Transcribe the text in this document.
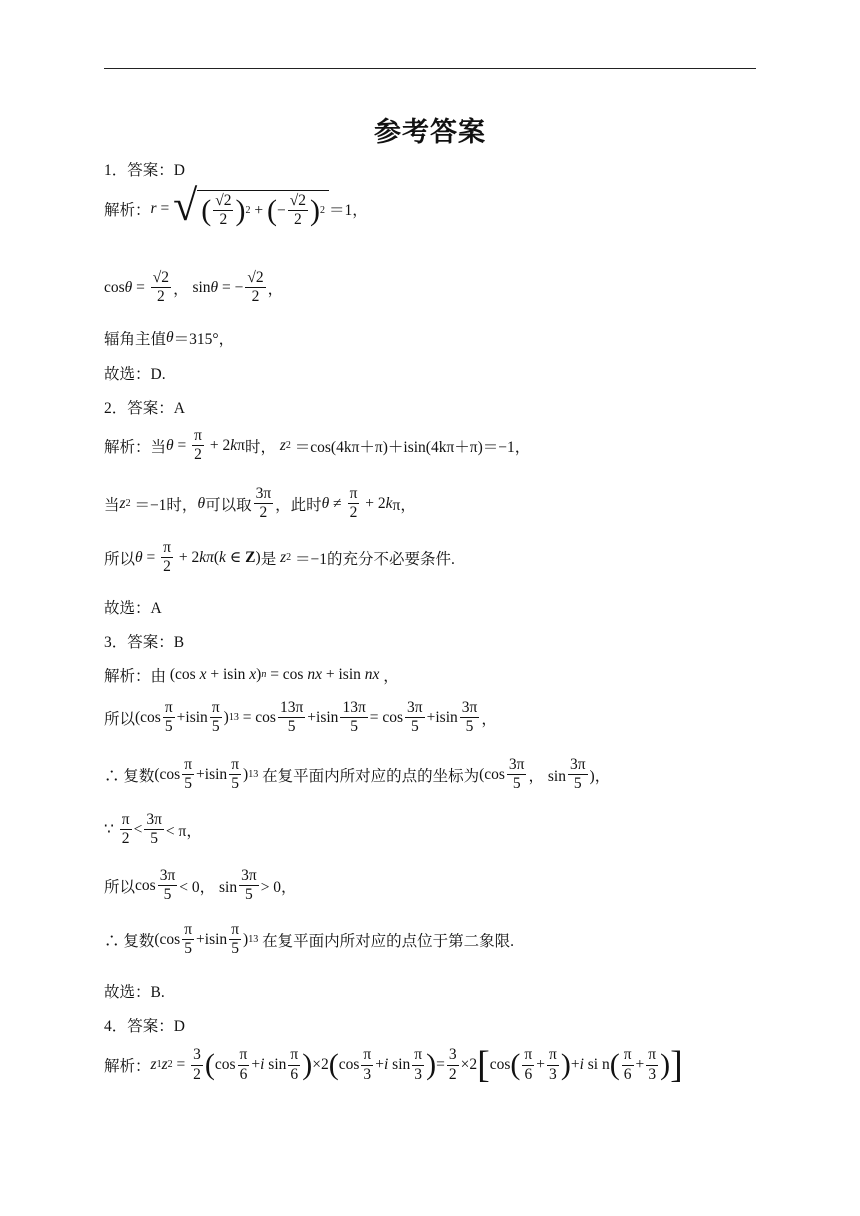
参考答案
1．答案：D
解析： r = √ ( $\frac{√2}{2}$ ) 2 + ( − $\frac{√2}{2}$ ) 2 ＝1，
$\cos \theta = \frac{√2}{2}$ ， sin θ = − $\frac{√2}{2}$ ，
辐角主值 θ ＝315°，
故选：D.
2．答案：A
解析：当 $\theta = \frac{\pi}{2} + 2$ k π 时，
z 2
＝cos(4kπ＋π)＋isin(4kπ＋π)＝−1，
当 z 2
＝−1时， θ 可以取 $\frac{3\pi}{2}$ ，此时 $\theta \ne \frac{\pi}{2} + 2$ k π，
所以 $\theta = \frac{\pi}{2} + 2$ kπ ( k ∈ Z ) 是
z 2
＝−1的充分不必要条件.
故选：A
3．答案：B
解析：由 (cos x + isin x ) n = cos nx + isin nx ，
所以 ($\cos \frac{\pi}{5} +isin \frac{\pi}{5}$ ) $13 = \cos \frac{13\pi}{5} +isin \frac{13\pi}{5} = \cos \frac{3\pi}{5} +isin \frac{3\pi}{5}$ ，
∴ 复数 ($\cos \frac{\pi}{5} +isin \frac{\pi}{5}$ ) 13
在复平面内所对应的点的坐标为 ($\cos \frac{3\pi}{5}$ ， $\sin \frac{3\pi}{5}$ )，
∵
$\frac{\pi}{2} < \frac{3\pi}{5} < \pi$，
所以 $\cos \frac{3\pi}{5} < 0$， $\sin \frac{3\pi}{5} > 0$，
∴ 复数 ($\cos \frac{\pi}{5} +isin \frac{\pi}{5}$ ) 13
在复平面内所对应的点位于第二象限.
故选：B.
4．答案：D
解析： z 1 z $2 = \frac{3}{2}$ ( $\cos \frac{\pi}{6} + i$ $\sin \frac{\pi}{6}$ ) ×2 ( $\cos \frac{\pi}{3} + i$ $\sin \frac{\pi}{3}$ ) = $\frac{3}{2} \times 2$ [ cos ( $\frac{\pi}{6} + \frac{\pi}{3}$ ) + i si n ( $\frac{\pi}{6} + \frac{\pi}{3}$ ) ]
